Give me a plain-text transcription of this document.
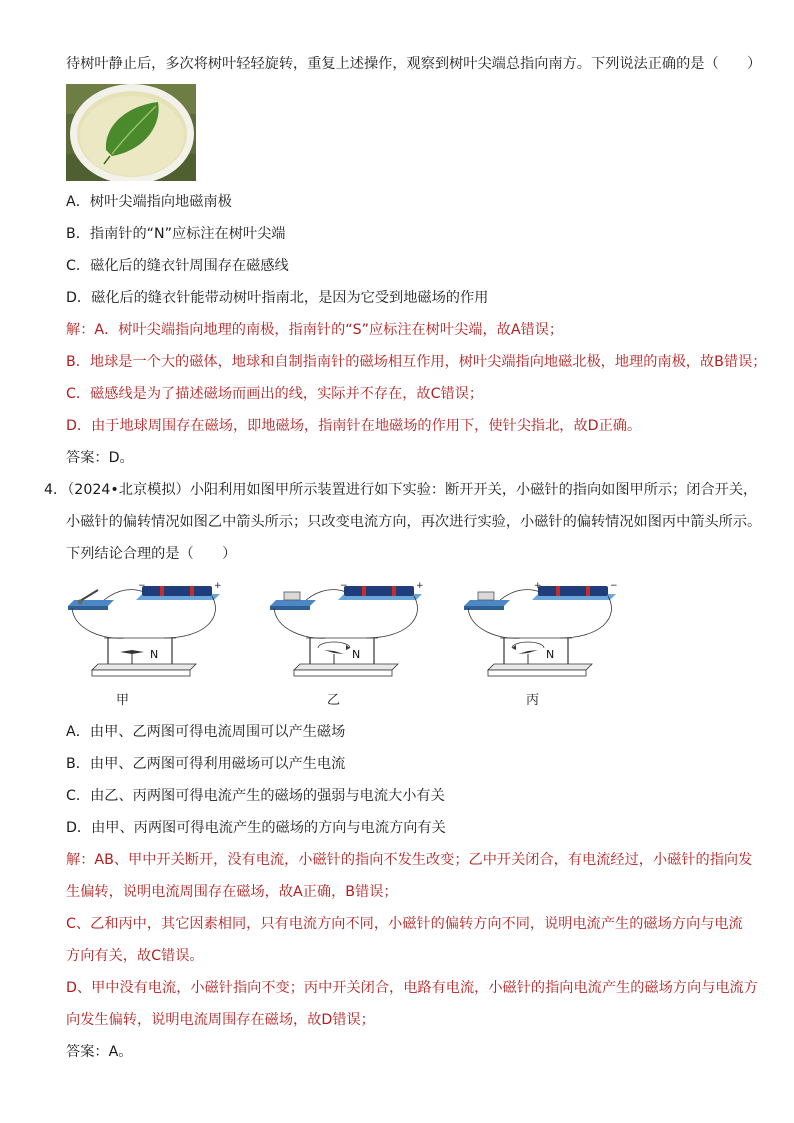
待树叶静止后，多次将树叶轻轻旋转，重复上述操作，观察到树叶尖端总指向南方。下列说法正确的是（　　）
A．树叶尖端指向地磁南极
B．指南针的“N”应标注在树叶尖端
C．磁化后的缝衣针周围存在磁感线
D．磁化后的缝衣针能带动树叶指南北，是因为它受到地磁场的作用
解：A．树叶尖端指向地理的南极，指南针的“S”应标注在树叶尖端，故A错误；
B．地球是一个大的磁体，地球和自制指南针的磁场相互作用，树叶尖端指向地磁北极，地理的南极，故B错误；
C．磁感线是为了描述磁场而画出的线，实际并不存在，故C错误；
D．由于地球周围存在磁场，即地磁场，指南针在地磁场的作用下，使针尖指北，故D正确。
答案：D。
4．（2024•北京模拟）小阳利用如图甲所示装置进行如下实验：断开开关，小磁针的指向如图甲所示；闭合开关，
小磁针的偏转情况如图乙中箭头所示；只改变电流方向，再次进行实验，小磁针的偏转情况如图丙中箭头所示。
下列结论合理的是（　　）
−	+
N
甲
−	+
N
乙
+	−
N
丙
A．由甲、乙两图可得电流周围可以产生磁场
B．由甲、乙两图可得利用磁场可以产生电流
C．由乙、丙两图可得电流产生的磁场的强弱与电流大小有关
D．由甲、丙两图可得电流产生的磁场的方向与电流方向有关
解：AB、甲中开关断开，没有电流，小磁针的指向不发生改变；乙中开关闭合，有电流经过，小磁针的指向发
生偏转，说明电流周围存在磁场，故A正确，B错误；
C、乙和丙中，其它因素相同，只有电流方向不同，小磁针的偏转方向不同，说明电流产生的磁场方向与电流
方向有关，故C错误。
D、甲中没有电流，小磁针指向不变；丙中开关闭合，电路有电流，小磁针的指向电流产生的磁场方向与电流方
向发生偏转，说明电流周围存在磁场，故D错误；
答案：A。
